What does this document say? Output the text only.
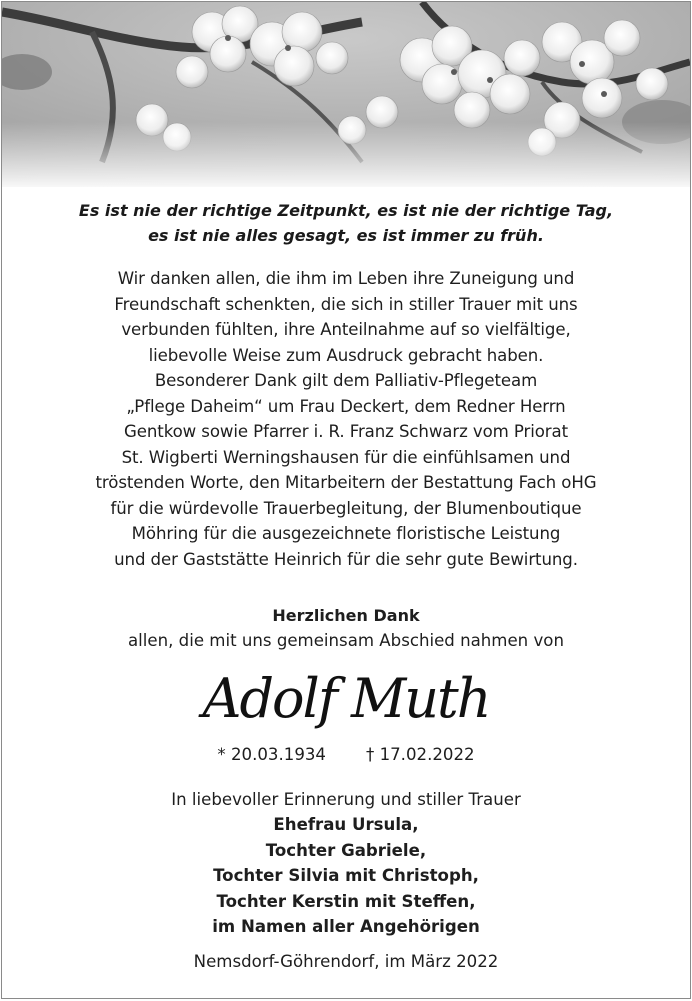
Es ist nie der richtige Zeitpunkt, es ist nie der richtige Tag,
es ist nie alles gesagt, es ist immer zu früh.
Wir danken allen, die ihm im Leben ihre Zuneigung und
Freundschaft schenkten, die sich in stiller Trauer mit uns
verbunden fühlten, ihre Anteilnahme auf so vielfältige,
liebevolle Weise zum Ausdruck gebracht haben.
Besonderer Dank gilt dem Palliativ-Pflegeteam
„Pflege Daheim“ um Frau Deckert, dem Redner Herrn
Gentkow sowie Pfarrer i. R. Franz Schwarz vom Priorat
St. Wigberti Werningshausen für die einfühlsamen und
tröstenden Worte, den Mitarbeitern der Bestattung Fach oHG
für die würdevolle Trauerbegleitung, der Blumenboutique
Möhring für die ausgezeichnete floristische Leistung
und der Gaststätte Heinrich für die sehr gute Bewirtung.
Herzlichen Dank
allen, die mit uns gemeinsam Abschied nahmen von
Adolf Muth
* 20.03.1934 † 17.02.2022
In liebevoller Erinnerung und stiller Trauer
Ehefrau Ursula,
Tochter Gabriele,
Tochter Silvia mit Christoph,
Tochter Kerstin mit Steffen,
im Namen aller Angehörigen
Nemsdorf-Göhrendorf, im März 2022
